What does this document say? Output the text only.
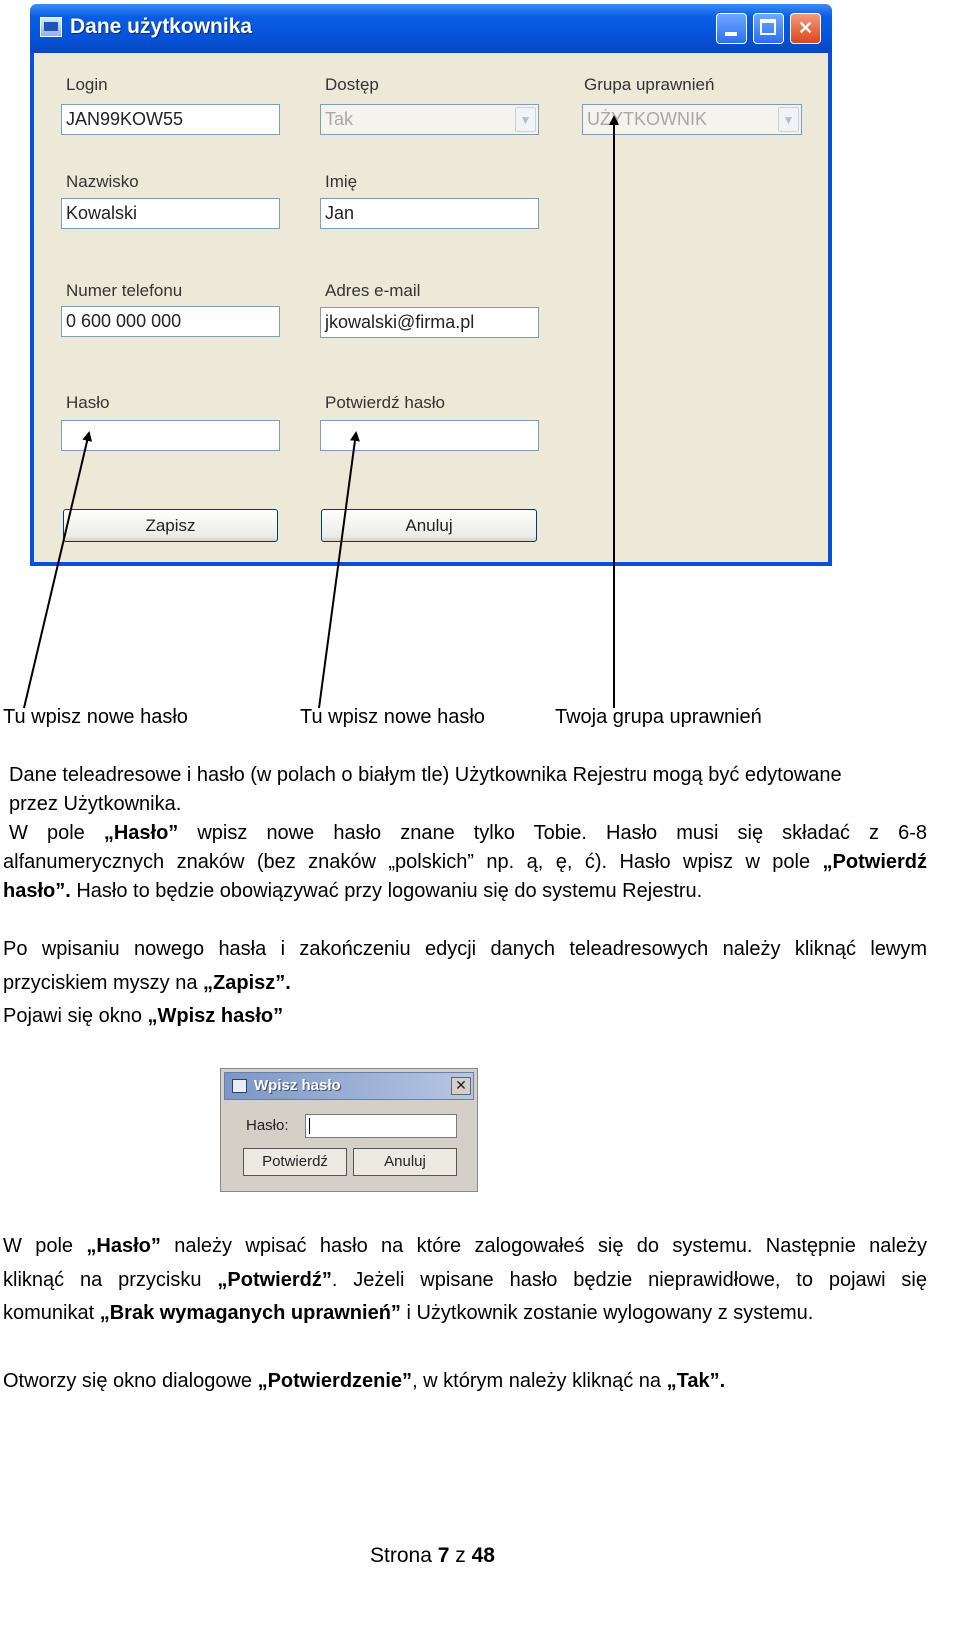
Dane użytkownika	✕
Login
JAN99KOW55
Dostęp
Tak	▼
Grupa uprawnień
UŻYTKOWNIK	▼
Nazwisko
Kowalski
Imię
Jan
Numer telefonu
0 600 000 000
Adres e-mail
jkowalski@firma.pl
Hasło	Potwierdź hasło
Zapisz	Anuluj
Tu wpisz nowe hasło	Tu wpisz nowe hasło	Twoja grupa uprawnień
Dane teleadresowe i hasło (w polach o białym tle) Użytkownika Rejestru mogą być edytowane
przez Użytkownika.
W pole „Hasło” wpisz nowe hasło znane tylko Tobie. Hasło musi się składać z 6-8
alfanumerycznych znaków (bez znaków „polskich” np. ą, ę, ć). Hasło wpisz w pole „Potwierdź
hasło”. Hasło to będzie obowiązywać przy logowaniu się do systemu Rejestru.
Po wpisaniu nowego hasła i zakończeniu edycji danych teleadresowych należy kliknąć lewym
przyciskiem myszy na „Zapisz”.
Pojawi się okno „Wpisz hasło”
Wpisz hasło	✕
Hasło:
Potwierdź	Anuluj
W pole „Hasło” należy wpisać hasło na które zalogowałeś się do systemu. Następnie należy
kliknąć na przycisku „Potwierdź”. Jeżeli wpisane hasło będzie nieprawidłowe, to pojawi się
komunikat „Brak wymaganych uprawnień” i Użytkownik zostanie wylogowany z systemu.
Otworzy się okno dialogowe „Potwierdzenie”, w którym należy kliknąć na „Tak”.
Strona 7 z 48
